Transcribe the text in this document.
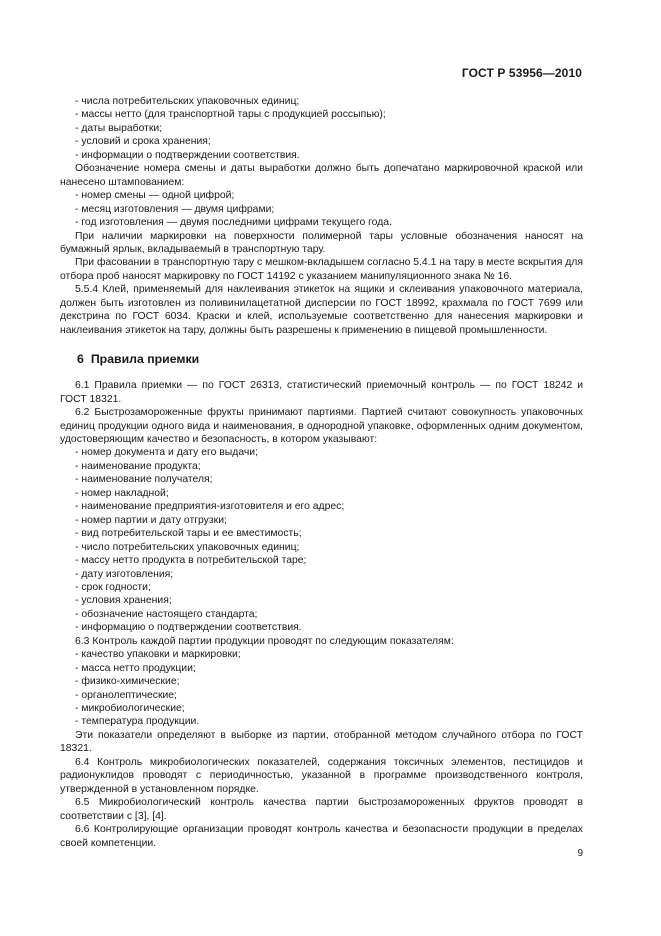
ГОСТ Р 53956—2010

- числа потребительских упаковочных единиц;

- массы нетто (для транспортной тары с продукцией россыпью);

- даты выработки;

- условий и срока хранения;

- информации о подтверждении соответствия.

Обозначение номера смены и даты выработки должно быть допечатано маркировочной краской или нанесено штампованием:

- номер смены — одной цифрой;

- месяц изготовления — двумя цифрами;

- год изготовления — двумя последними цифрами текущего года.

При наличии маркировки на поверхности полимерной тары условные обозначения наносят на бумажный ярлык, вкладываемый в транспортную тару.

При фасовании в транспортную тару с мешком-вкладышем согласно 5.4.1 на тару в месте вскрытия для отбора проб наносят маркировку по ГОСТ 14192 с указанием манипуляционного знака № 16.

5.5.4 Клей, применяемый для наклеивания этикеток на ящики и склеивания упаковочного материала, должен быть изготовлен из поливинилацетатной дисперсии по ГОСТ 18992, крахмала по ГОСТ 7699 или декстрина по ГОСТ 6034. Краски и клей, используемые соответственно для нанесения маркировки и наклеивания этикеток на тару, должны быть разрешены к применению в пищевой промышленности.

6 Правила приемки

6.1 Правила приемки — по ГОСТ 26313, статистический приемочный контроль — по ГОСТ 18242 и ГОСТ 18321.

6.2 Быстрозамороженные фрукты принимают партиями. Партией считают совокупность упаковочных единиц продукции одного вида и наименования, в однородной упаковке, оформленных одним документом, удостоверяющим качество и безопасность, в котором указывают:

- номер документа и дату его выдачи;

- наименование продукта;

- наименование получателя;

- номер накладной;

- наименование предприятия-изготовителя и его адрес;

- номер партии и дату отгрузки;

- вид потребительской тары и ее вместимость;

- число потребительских упаковочных единиц;

- массу нетто продукта в потребительской таре;

- дату изготовления;

- срок годности;

- условия хранения;

- обозначение настоящего стандарта;

- информацию о подтверждении соответствия.

6.3 Контроль каждой партии продукции проводят по следующим показателям:

- качество упаковки и маркировки;

- масса нетто продукции;

- физико-химические;

- органолептические;

- микробиологические;

- температура продукции.

Эти показатели определяют в выборке из партии, отобранной методом случайного отбора по ГОСТ 18321.

6.4 Контроль микробиологических показателей, содержания токсичных элементов, пестицидов и радионуклидов проводят с периодичностью, указанной в программе производственного контроля, утвержденной в установленном порядке.

6.5 Микробиологический контроль качества партии быстрозамороженных фруктов проводят в соответствии с [3], [4].

6.6 Контролирующие организации проводят контроль качества и безопасности продукции в пределах своей компетенции.

9
